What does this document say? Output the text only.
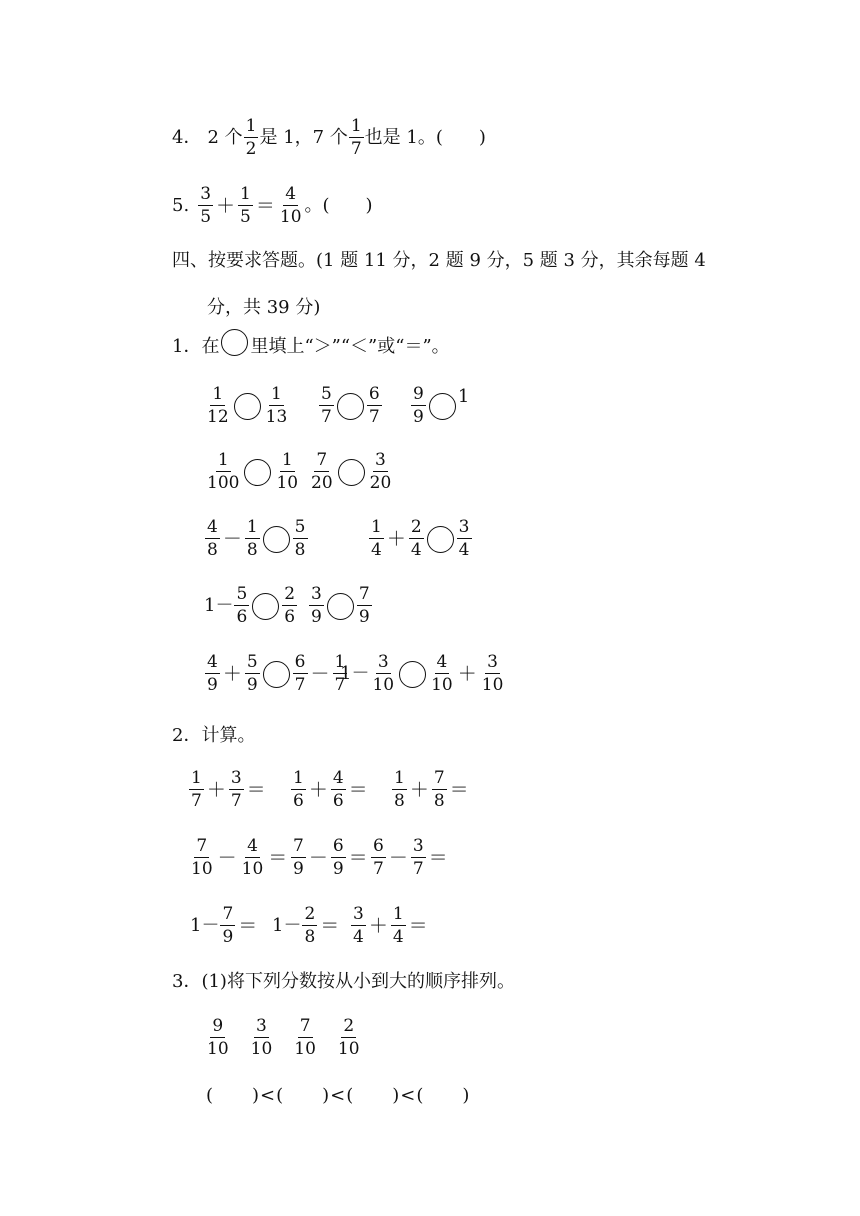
4． 2 个 $\frac{1}{2}$ 是 1，7 个 $\frac{1}{7}$ 也是 1。(　　)
5. $\frac{3}{5} + \frac{1}{5} = \frac{4}{10}$ 。(　　)
四、按要求答题。(1 题 11 分，2 题 9 分，5 题 3 分，其余每题 4
分，共 39 分)
1．在 里填上“＞”“＜”或“＝”。
$\frac{1}{12} \frac{1}{13} \frac{5}{7} \frac{6}{7} \frac{9}{9} 1$
$\frac{1}{100} \frac{1}{10} \frac{7}{20} \frac{3}{20}$
$\frac{4}{8} - \frac{1}{8} \frac{5}{8}$	$\frac{1}{4} + \frac{2}{4} \frac{3}{4}$
$1- \frac{5}{6} \frac{2}{6} \frac{3}{9} \frac{7}{9}$
$\frac{4}{9} + \frac{5}{9} \frac{6}{7} - \frac{1}{7}$
$1- \frac{3}{10} \frac{4}{10} + \frac{3}{10}$
2．计算。
$\frac{1}{7} + \frac{3}{7} = \frac{1}{6} + \frac{4}{6} = \frac{1}{8} + \frac{7}{8}$ ＝
$\frac{7}{10} - \frac{4}{10} = \frac{7}{9} - \frac{6}{9} = \frac{6}{7} - \frac{3}{7}$ ＝
$1- \frac{7}{9} = 1- \frac{2}{8} = \frac{3}{4} + \frac{1}{4}$ ＝
3．(1)将下列分数按从小到大的顺序排列。
$\frac{9}{10} \frac{3}{10} \frac{7}{10} \frac{2}{10}$
(　　)<(　　)<(　　)<(　　)
